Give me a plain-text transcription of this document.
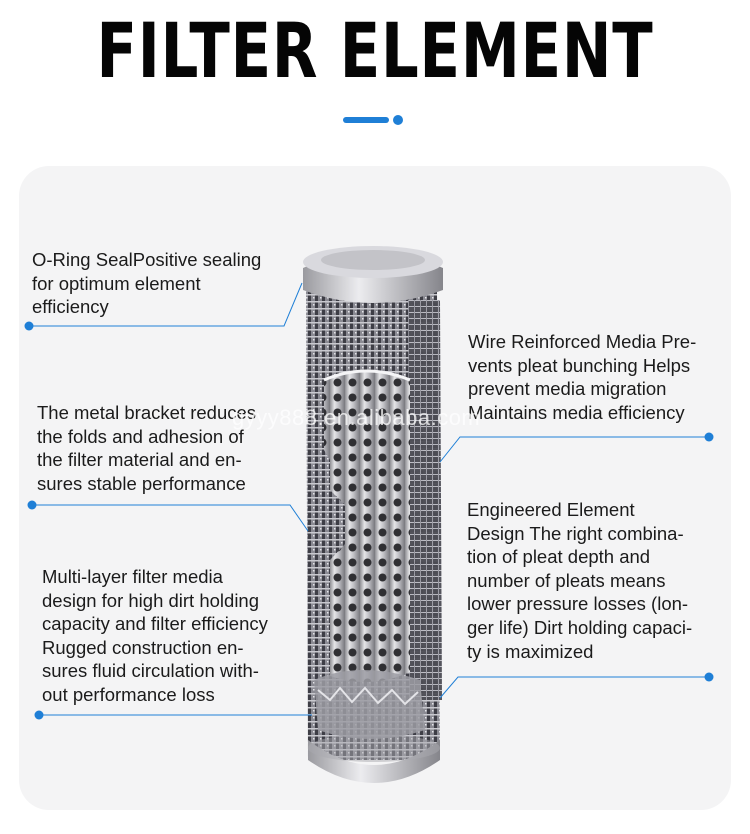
FILTER ELEMENT

O-Ring SealPositive sealing
for optimum element
efficiency

The metal bracket reduces
the folds and adhesion of
the filter material and en-
sures stable performance

Multi-layer filter media
design for high dirt holding
capacity and filter efficiency
Rugged construction en-
sures fluid circulation with-
out performance loss

Wire Reinforced Media Pre-
vents pleat bunching Helps
prevent media migration
Maintains media efficiency

Engineered Element
Design The right combina-
tion of pleat depth and
number of pleats means
lower pressure losses (lon-
ger life) Dirt holding capaci-
ty is maximized

gyyy888.en.alibaba.com
